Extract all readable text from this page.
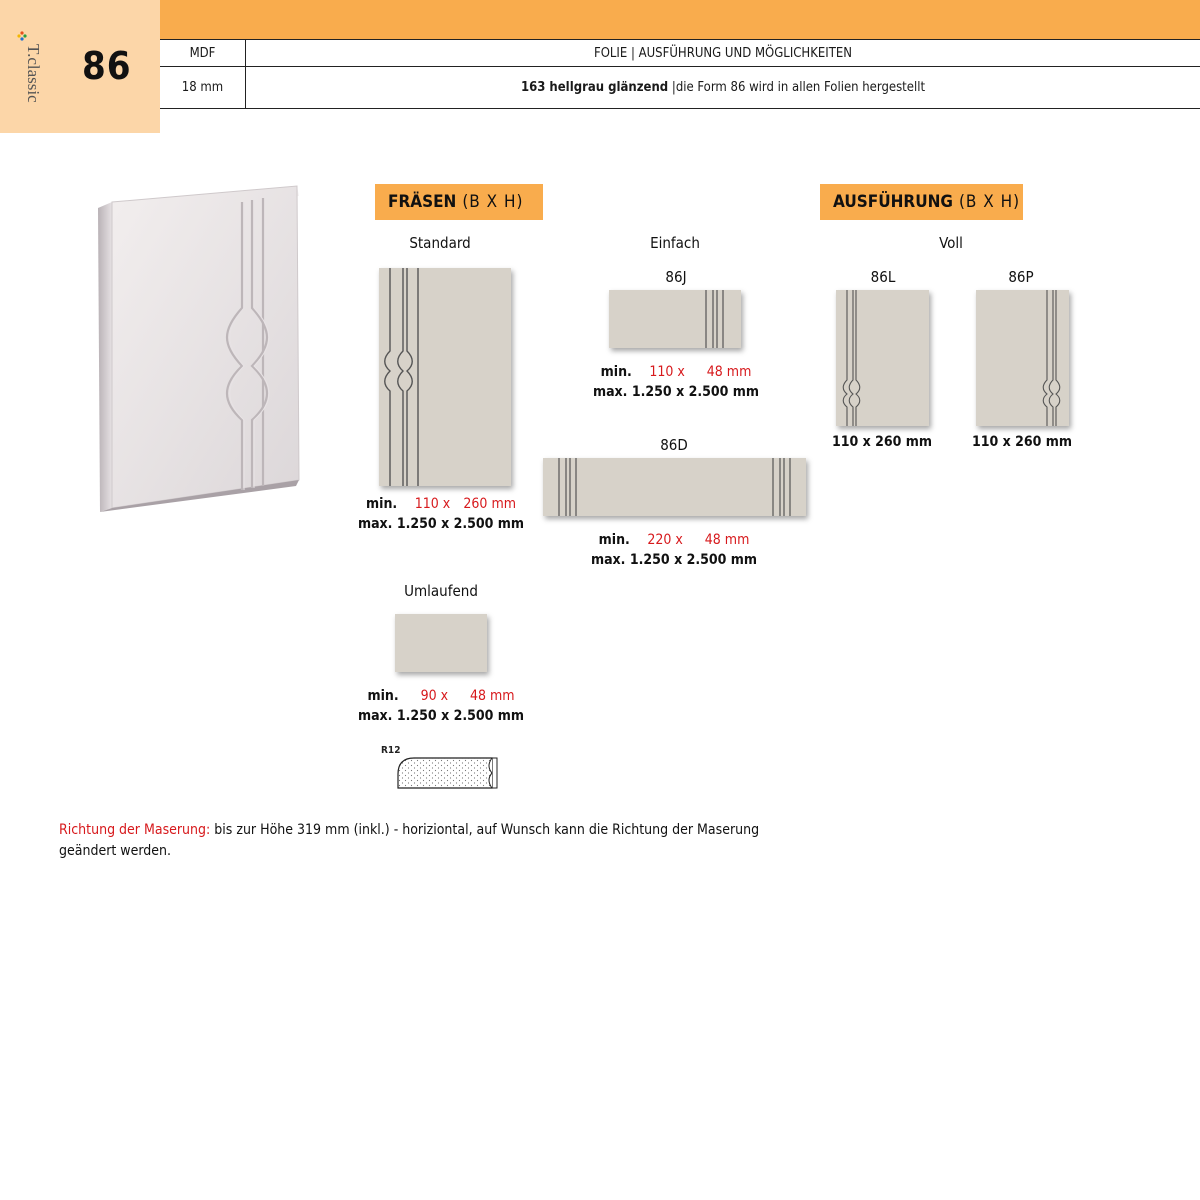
T.classic 86	MDF	FOLIE | AUSFÜHRUNG UND MÖGLICHKEITEN
18 mm	163 hellgrau glänzend
|die Form 86 wird in allen Folien hergestellt
FRÄSEN (B X H)
Standard
min. 110 x 260 mm
max. 1.250 x 2.500 mm
Einfach
86J
min. 110 x 48 mm
max. 1.250 x 2.500 mm
86D
min. 220 x 48 mm
max. 1.250 x 2.500 mm
Umlaufend
min. 90 x 48 mm
max. 1.250 x 2.500 mm
R12
AUSFÜHRUNG (B X H)
Voll
86L
110 x 260 mm
86P
110 x 260 mm
Richtung der Maserung: bis zur Höhe 319 mm (inkl.) - horiziontal, auf Wunsch kann die Richtung der Maserung geändert werden.
